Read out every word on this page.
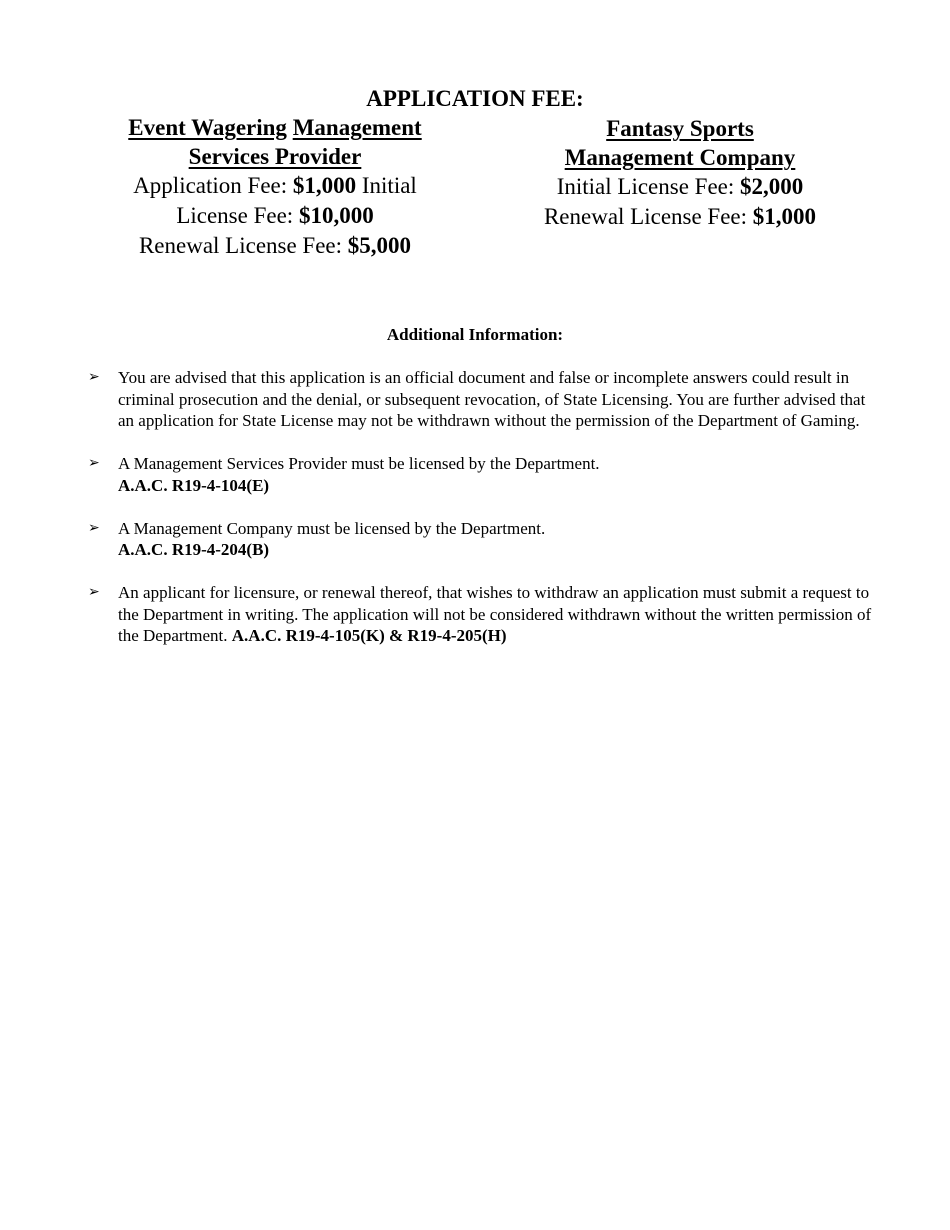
APPLICATION FEE:
Event Wagering Management
Services Provider
Application Fee: $1,000 Initial
License Fee: $10,000
Renewal License Fee: $5,000
Fantasy Sports
Management Company
Initial License Fee: $2,000
Renewal License Fee: $1,000
Additional Information:
➢ You are advised that this application is an official document and false or incomplete answers could result in criminal prosecution and the denial, or subsequent revocation, of State Licensing. You are further advised that an application for State License may not be withdrawn without the permission of the Department of Gaming.
➢ A Management Services Provider must be licensed by the Department.
A.A.C. R19-4-104(E)
➢ A Management Company must be licensed by the Department.
A.A.C. R19-4-204(B)
➢ An applicant for licensure, or renewal thereof, that wishes to withdraw an application must submit a request to the Department in writing. The application will not be considered withdrawn without the written permission of the Department. A.A.C. R19-4-105(K) & R19-4-205(H)
